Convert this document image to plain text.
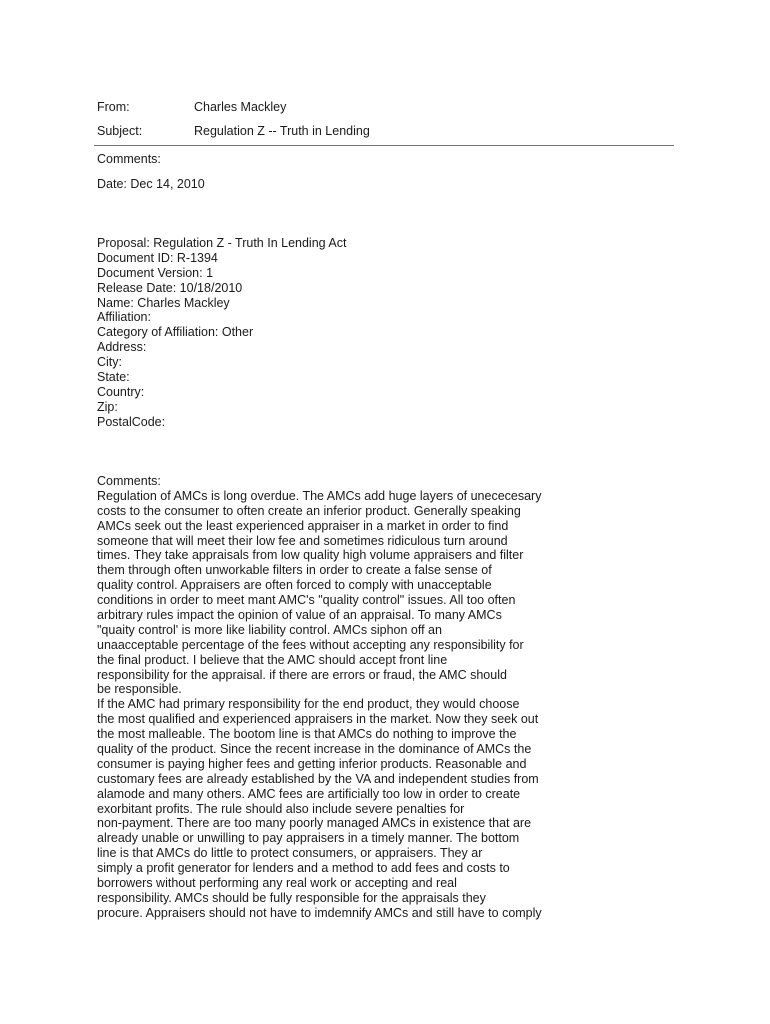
From:	Charles Mackley
Subject:	Regulation Z -- Truth in Lending
Comments:
Date: Dec 14, 2010
Proposal: Regulation Z - Truth In Lending Act
Document ID: R-1394
Document Version: 1
Release Date: 10/18/2010
Name: Charles Mackley
Affiliation:
Category of Affiliation: Other
Address:
City:
State:
Country:
Zip:
PostalCode:
Comments:
Regulation of AMCs is long overdue. The AMCs add huge layers of unececesary
costs to the consumer to often create an inferior product. Generally speaking
AMCs seek out the least experienced appraiser in a market in order to find
someone that will meet their low fee and sometimes ridiculous turn around
times. They take appraisals from low quality high volume appraisers and filter
them through often unworkable filters in order to create a false sense of
quality control. Appraisers are often forced to comply with unacceptable
conditions in order to meet mant AMC's "quality control" issues. All too often
arbitrary rules impact the opinion of value of an appraisal. To many AMCs
"quaity control' is more like liability control. AMCs siphon off an
unaacceptable percentage of the fees without accepting any responsibility for
the final product. I believe that the AMC should accept front line
responsibility for the appraisal. if there are errors or fraud, the AMC should
be responsible.
If the AMC had primary responsibility for the end product, they would choose
the most qualified and experienced appraisers in the market. Now they seek out
the most malleable. The bootom line is that AMCs do nothing to improve the
quality of the product. Since the recent increase in the dominance of AMCs the
consumer is paying higher fees and getting inferior products. Reasonable and
customary fees are already established by the VA and independent studies from
alamode and many others. AMC fees are artificially too low in order to create
exorbitant profits. The rule should also include severe penalties for
non-payment. There are too many poorly managed AMCs in existence that are
already unable or unwilling to pay appraisers in a timely manner. The bottom
line is that AMCs do little to protect consumers, or appraisers. They ar
simply a profit generator for lenders and a method to add fees and costs to
borrowers without performing any real work or accepting and real
responsibility. AMCs should be fully responsible for the appraisals they
procure. Appraisers should not have to imdemnify AMCs and still have to comply
